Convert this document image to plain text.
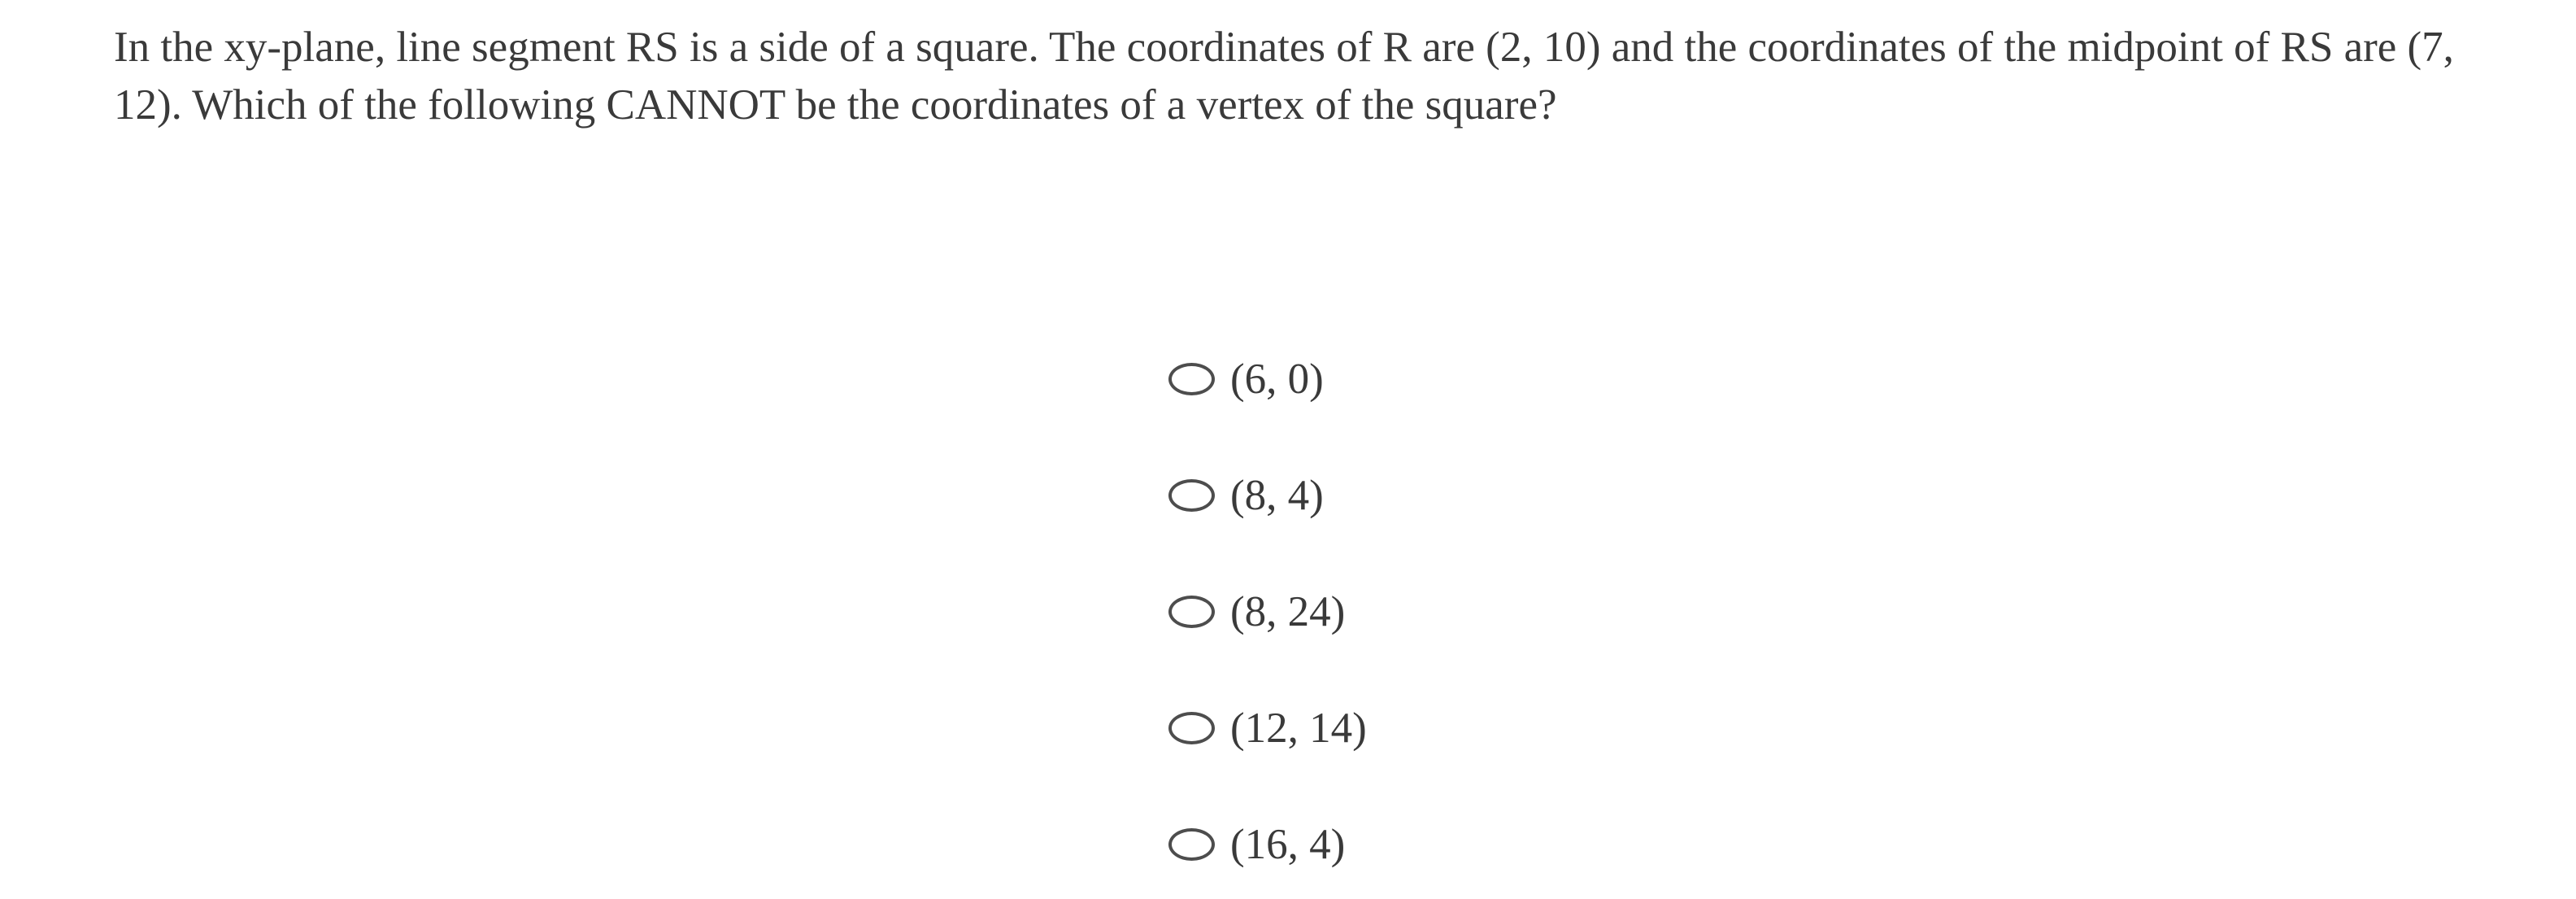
In the xy-plane, line segment RS is a side of a square. The coordinates of R are (2, 10) and the coordinates of the midpoint of RS are (7, 12). Which of the following CANNOT be the coordinates of a vertex of the square?

(6, 0)
(8, 4)
(8, 24)
(12, 14)
(16, 4)
